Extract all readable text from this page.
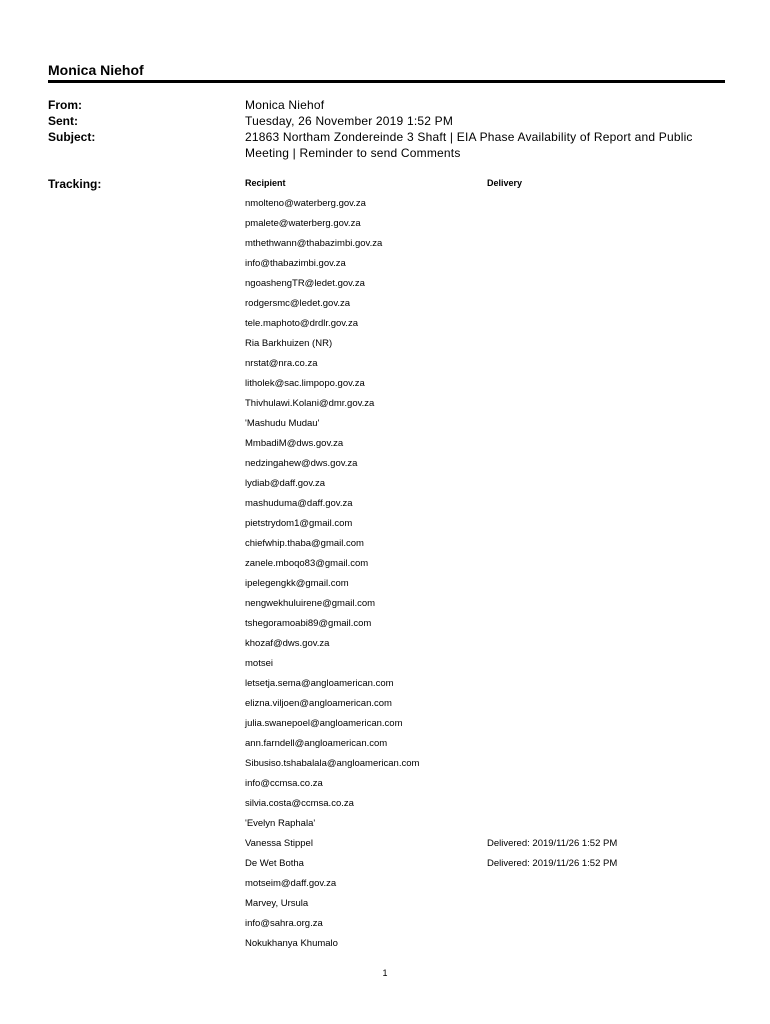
Monica Niehof
From:	Monica Niehof
Sent:	Tuesday, 26 November 2019 1:52 PM
Subject:	21863 Northam Zondereinde 3 Shaft | EIA Phase Availability of Report and Public Meeting | Reminder to send Comments
Tracking:	Recipient	Delivery
nmolteno@waterberg.gov.za
pmalete@waterberg.gov.za
mthethwann@thabazimbi.gov.za
info@thabazimbi.gov.za
ngoashengTR@ledet.gov.za
rodgersmc@ledet.gov.za
tele.maphoto@drdlr.gov.za
Ria Barkhuizen (NR)
nrstat@nra.co.za
litholek@sac.limpopo.gov.za
Thivhulawi.Kolani@dmr.gov.za
'Mashudu Mudau'
MmbadiM@dws.gov.za
nedzingahew@dws.gov.za
lydiab@daff.gov.za
mashuduma@daff.gov.za
pietstrydom1@gmail.com
chiefwhip.thaba@gmail.com
zanele.mboqo83@gmail.com
ipelegengkk@gmail.com
nengwekhuluirene@gmail.com
tshegoramoabi89@gmail.com
khozaf@dws.gov.za
motsei
letsetja.sema@angloamerican.com
elizna.viljoen@angloamerican.com
julia.swanepoel@angloamerican.com
ann.farndell@angloamerican.com
Sibusiso.tshabalala@angloamerican.com
info@ccmsa.co.za
silvia.costa@ccmsa.co.za
'Evelyn Raphala'
Vanessa Stippel	Delivered: 2019/11/26 1:52 PM
De Wet Botha	Delivered: 2019/11/26 1:52 PM
motseim@daff.gov.za
Marvey, Ursula
info@sahra.org.za
Nokukhanya Khumalo
1
